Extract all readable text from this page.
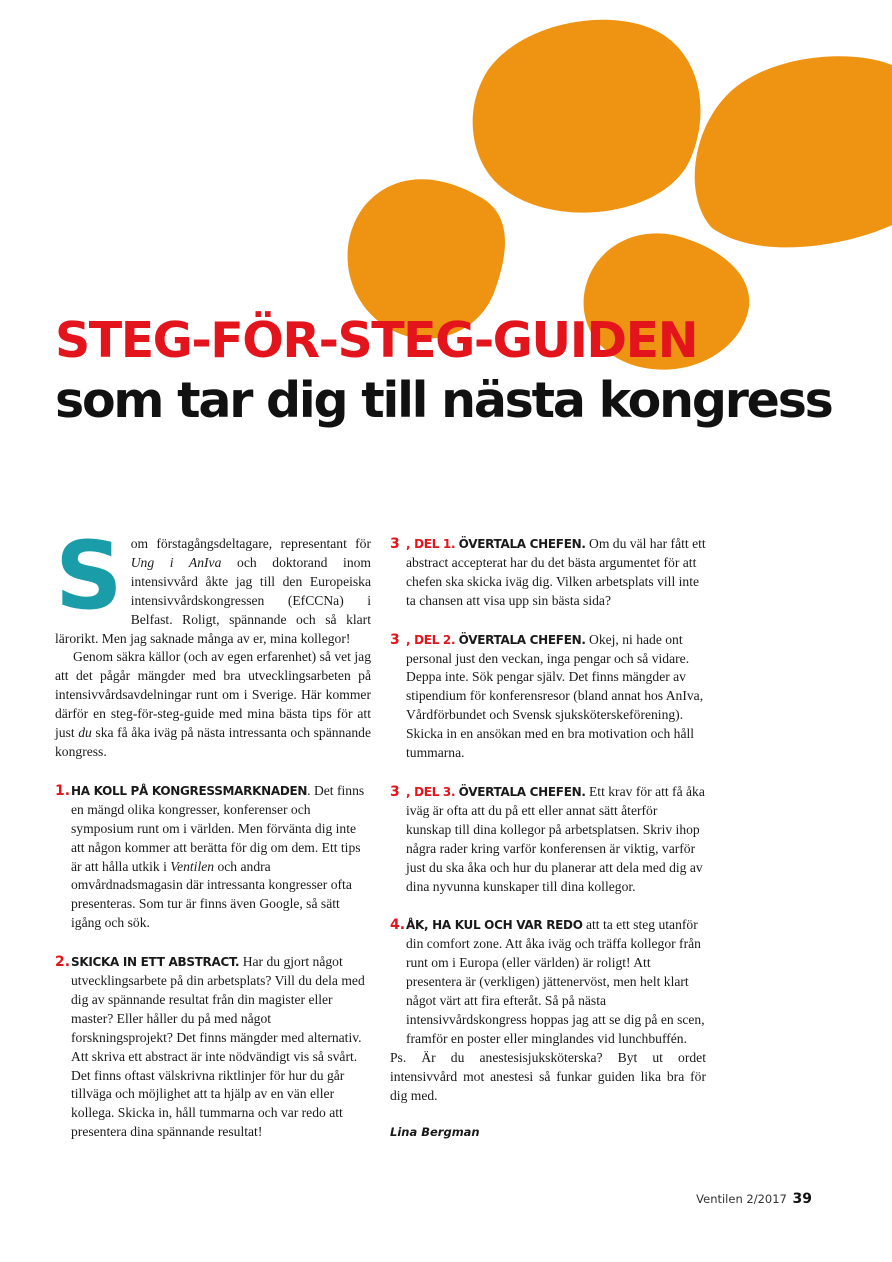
STEG-FÖR-STEG-GUIDEN
som tar dig till nästa kongress
Som förstagångsdeltagare, representant för Ung i AnIva och doktorand inom intensivvård åkte jag till den Europeiska intensivvårdskongressen (EfCCNa) i Belfast. Roligt, spännande och så klart lärorikt. Men jag saknade många av er, mina kollegor!

Genom säkra källor (och av egen erfarenhet) så vet jag att det pågår mängder med bra utvecklingsarbeten på intensivvårdsavdelningar runt om i Sverige. Här kommer därför en steg-för-steg-guide med mina bästa tips för att just du ska få åka iväg på nästa intressanta och spännande kongress.

1.HA KOLL PÅ KONGRESSMARKNADEN. Det finns en mängd olika kongresser, konferenser och symposium runt om i världen. Men förvänta dig inte att någon kommer att berätta för dig om dem. Ett tips är att hålla utkik i Ventilen och andra omvårdnadsmagasin där intressanta kongresser ofta presenteras. Som tur är finns även Google, så sätt igång och sök.

2.SKICKA IN ETT ABSTRACT. Har du gjort något utvecklingsarbete på din arbetsplats? Vill du dela med dig av spännande resultat från din magister eller master? Eller håller du på med något forskningsprojekt? Det finns mängder med alternativ. Att skriva ett abstract är inte nödvändigt vis så svårt. Det finns oftast välskrivna riktlinjer för hur du går tillväga och möjlighet att ta hjälp av en vän eller kollega. Skicka in, håll tummarna och var redo att presentera dina spännande resultat!

3 , DEL 1. ÖVERTALA CHEFEN. Om du väl har fått ett abstract accepterat har du det bästa argumentet för att chefen ska skicka iväg dig. Vilken arbetsplats vill inte ta chansen att visa upp sin bästa sida?

3 , DEL 2. ÖVERTALA CHEFEN. Okej, ni hade ont personal just den veckan, inga pengar och så vidare. Deppa inte. Sök pengar själv. Det finns mängder av stipendium för konferensresor (bland annat hos AnIva, Vårdförbundet och Svensk sjuksköterskeförening). Skicka in en ansökan med en bra motivation och håll tummarna.

3 , DEL 3. ÖVERTALA CHEFEN. Ett krav för att få åka iväg är ofta att du på ett eller annat sätt återför kunskap till dina kollegor på arbetsplatsen. Skriv ihop några rader kring varför konferensen är viktig, varför just du ska åka och hur du planerar att dela med dig av dina nyvunna kunskaper till dina kollegor.

4.ÅK, HA KUL OCH VAR REDO att ta ett steg utanför din comfort zone. Att åka iväg och träffa kollegor från runt om i Europa (eller världen) är roligt! Att presentera är (verkligen) jättenervöst, men helt klart något värt att fira efteråt. Så på nästa intensivvårdskongress hoppas jag att se dig på en scen, framför en poster eller minglandes vid lunchbuffén.

Ps. Är du anestesisjuksköterska? Byt ut ordet intensivvård mot anestesi så funkar guiden lika bra för dig med.

Lina Bergman
Ventilen 2/2017 39
